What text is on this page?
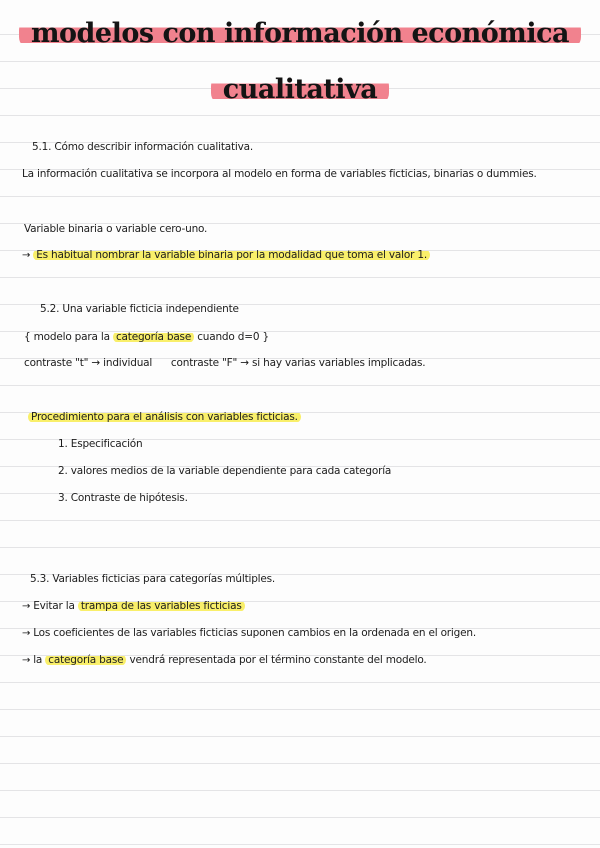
modelos con información económica
cualitativa
5.1. Cómo describir información cualitativa.
La información cualitativa se incorpora al modelo en forma de variables ficticias, binarias o dummies.
Variable binaria o variable cero-uno.
→ Es habitual nombrar la variable binaria por la modalidad que toma el valor 1.
5.2. Una variable ficticia independiente
{ modelo para la categoría base cuando d=0 }
contraste "t" → individual      contraste "F" → si hay varias variables implicadas.
Procedimiento para el análisis con variables ficticias.
1. Especificación
2. valores medios de la variable dependiente para cada categoría
3. Contraste de hipótesis.
5.3. Variables ficticias para categorías múltiples.
→ Evitar la trampa de las variables ficticias
→ Los coeficientes de las variables ficticias suponen cambios en la ordenada en el origen.
→ la categoría base vendrá representada por el término constante del modelo.
